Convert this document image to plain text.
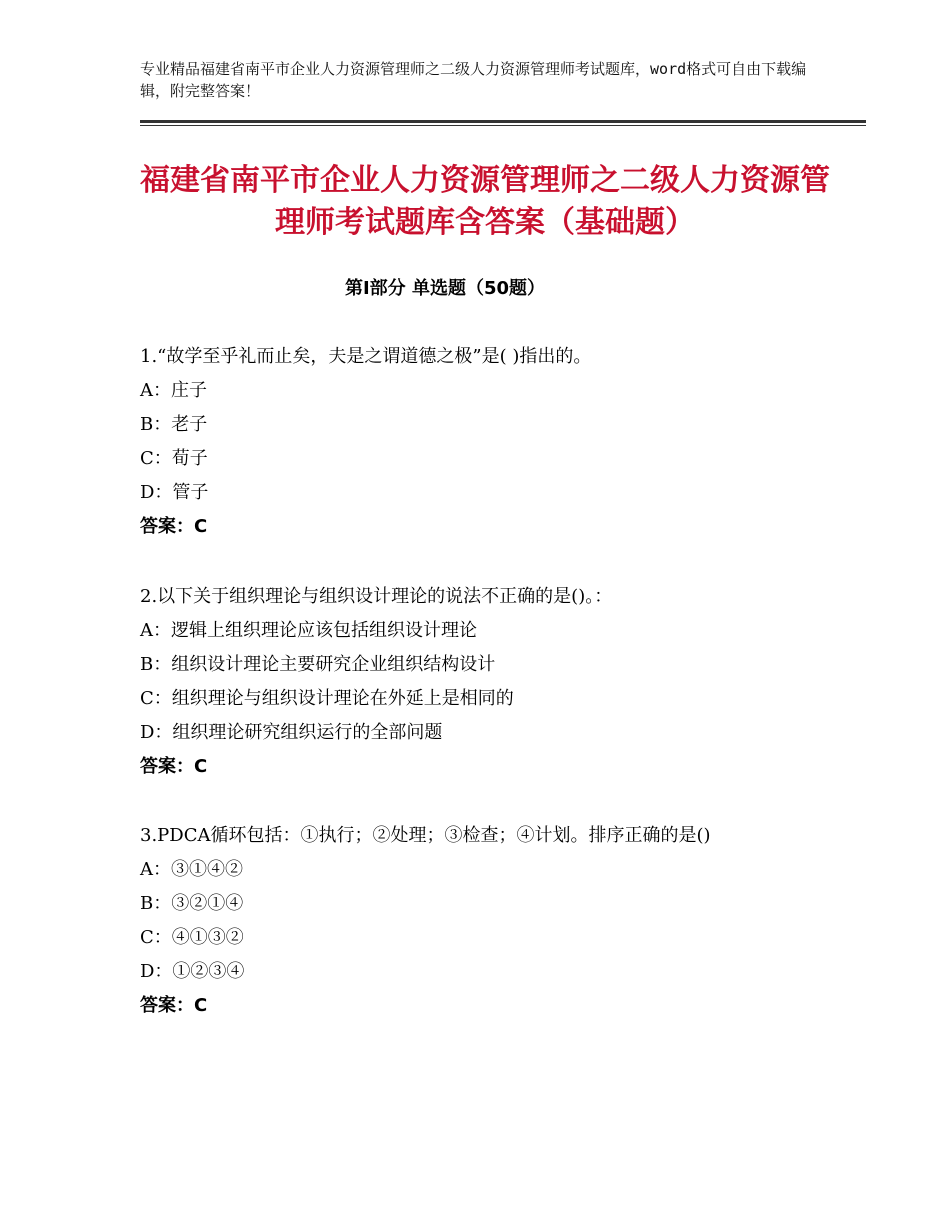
专业精品福建省南平市企业人力资源管理师之二级人力资源管理师考试题库，word格式可自由下载编辑，附完整答案！
福建省南平市企业人力资源管理师之二级人力资源管理师考试题库含答案（基础题）
第Ⅰ部分 单选题（50题）
1.“故学至乎礼而止矣，夫是之谓道德之极”是( )指出的。
A：庄子
B：老子
C：荀子
D：管子
答案：C
2.以下关于组织理论与组织设计理论的说法不正确的是()。：
A：逻辑上组织理论应该包括组织设计理论
B：组织设计理论主要研究企业组织结构设计
C：组织理论与组织设计理论在外延上是相同的
D：组织理论研究组织运行的全部问题
答案：C
3.PDCA循环包括：①执行；②处理；③检查；④计划。排序正确的是()
A：③①④②
B：③②①④
C：④①③②
D：①②③④
答案：C
